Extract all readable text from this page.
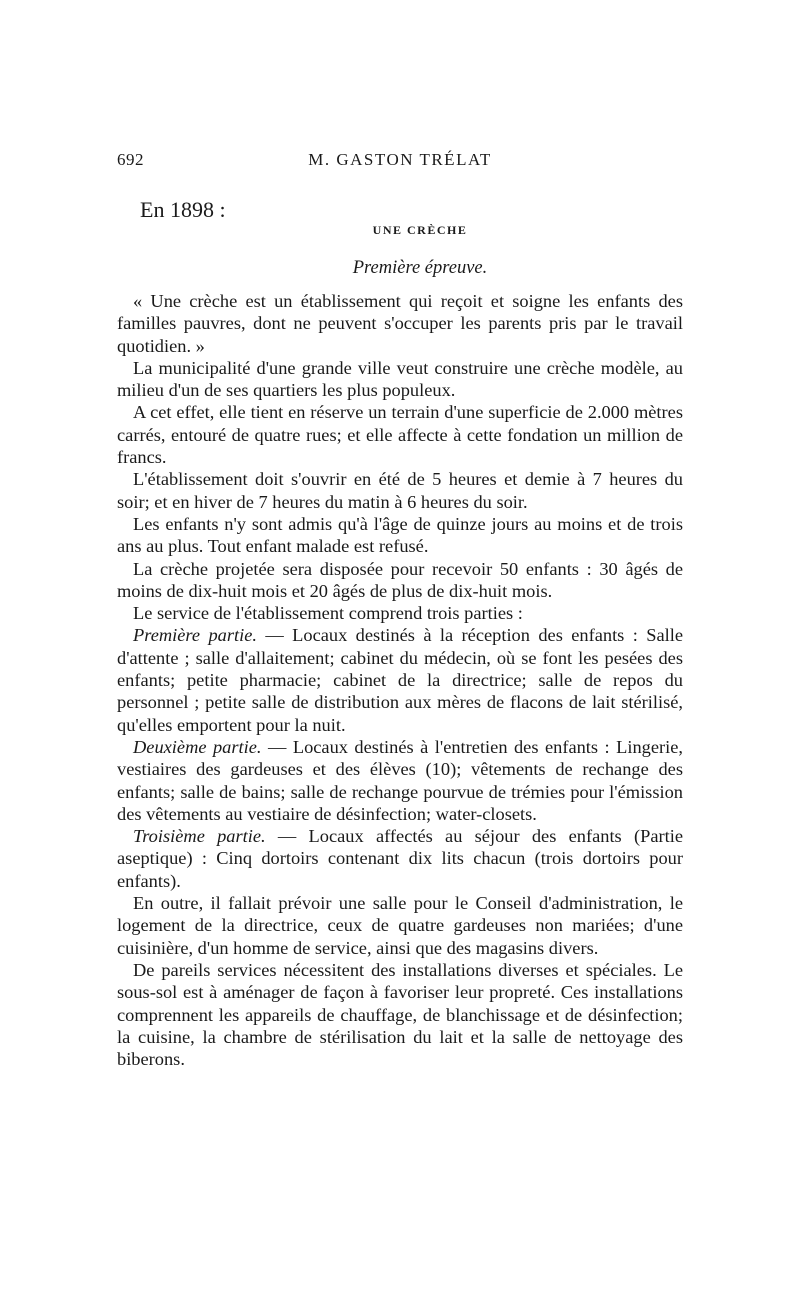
692	M. GASTON TRÉLAT
En 1898 :
UNE CRÈCHE
Première épreuve.

« Une crèche est un établissement qui reçoit et soigne les enfants des familles pauvres, dont ne peuvent s'occuper les parents pris par le travail quotidien. »

La municipalité d'une grande ville veut construire une crèche modèle, au milieu d'un de ses quartiers les plus populeux.

A cet effet, elle tient en réserve un terrain d'une superficie de 2.000 mètres carrés, entouré de quatre rues; et elle affecte à cette fondation un million de francs.

L'établissement doit s'ouvrir en été de 5 heures et demie à 7 heures du soir; et en hiver de 7 heures du matin à 6 heures du soir.

Les enfants n'y sont admis qu'à l'âge de quinze jours au moins et de trois ans au plus. Tout enfant malade est refusé.

La crèche projetée sera disposée pour recevoir 50 enfants : 30 âgés de moins de dix-huit mois et 20 âgés de plus de dix-huit mois.

Le service de l'établissement comprend trois parties :

Première partie. — Locaux destinés à la réception des enfants : Salle d'attente ; salle d'allaitement; cabinet du médecin, où se font les pesées des enfants; petite pharmacie; cabinet de la directrice; salle de repos du personnel ; petite salle de distribution aux mères de flacons de lait stérilisé, qu'elles emportent pour la nuit.

Deuxième partie. — Locaux destinés à l'entretien des enfants : Lingerie, vestiaires des gardeuses et des élèves (10); vêtements de rechange des enfants; salle de bains; salle de rechange pourvue de trémies pour l'émission des vêtements au vestiaire de désinfection; water-closets.

Troisième partie. — Locaux affectés au séjour des enfants (Partie aseptique) : Cinq dortoirs contenant dix lits chacun (trois dortoirs pour enfants).

En outre, il fallait prévoir une salle pour le Conseil d'administration, le logement de la directrice, ceux de quatre gardeuses non mariées; d'une cuisinière, d'un homme de service, ainsi que des magasins divers.

De pareils services nécessitent des installations diverses et spéciales. Le sous-sol est à aménager de façon à favoriser leur propreté. Ces installations comprennent les appareils de chauffage, de blanchissage et de désinfection; la cuisine, la chambre de stérilisation du lait et la salle de nettoyage des biberons.
